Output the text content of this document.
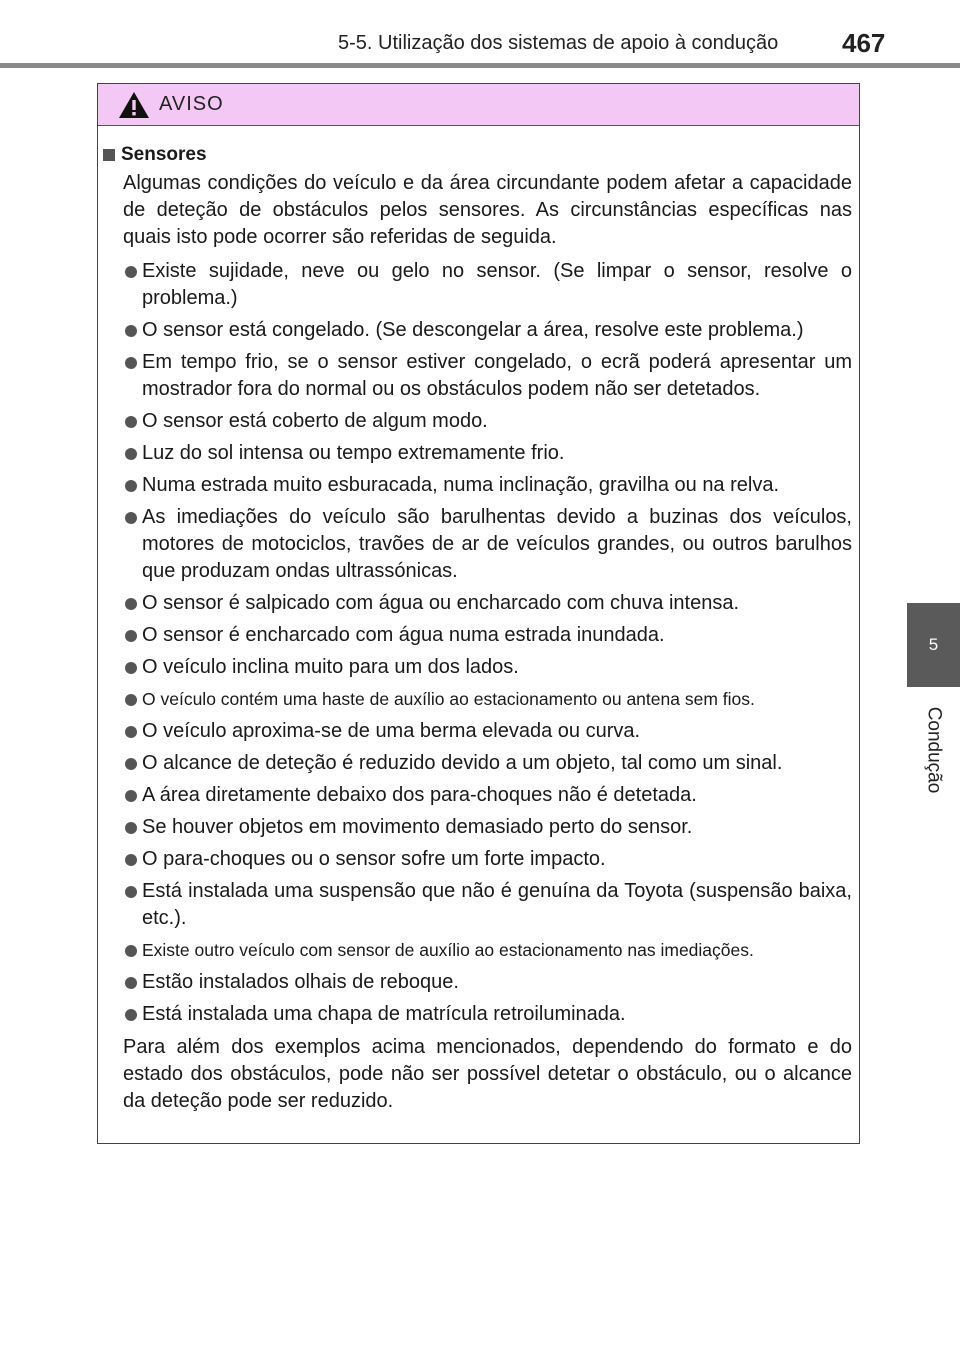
5-5. Utilização dos sistemas de apoio à condução 467
5
Condução
AVISO
Sensores

Algumas condições do veículo e da área circundante podem afetar a capacidade de deteção de obstáculos pelos sensores. As circunstâncias específicas nas quais isto pode ocorrer são referidas de seguida.

Existe sujidade, neve ou gelo no sensor. (Se limpar o sensor, resolve o problema.)
O sensor está congelado. (Se descongelar a área, resolve este problema.)
Em tempo frio, se o sensor estiver congelado, o ecrã poderá apresentar um mostrador fora do normal ou os obstáculos podem não ser detetados.
O sensor está coberto de algum modo.
Luz do sol intensa ou tempo extremamente frio.
Numa estrada muito esburacada, numa inclinação, gravilha ou na relva.
As imediações do veículo são barulhentas devido a buzinas dos veículos, motores de motociclos, travões de ar de veículos grandes, ou outros barulhos que produzam ondas ultrassónicas.
O sensor é salpicado com água ou encharcado com chuva intensa.
O sensor é encharcado com água numa estrada inundada.
O veículo inclina muito para um dos lados.
O veículo contém uma haste de auxílio ao estacionamento ou antena sem fios.
O veículo aproxima-se de uma berma elevada ou curva.
O alcance de deteção é reduzido devido a um objeto, tal como um sinal.
A área diretamente debaixo dos para-choques não é detetada.
Se houver objetos em movimento demasiado perto do sensor.
O para-choques ou o sensor sofre um forte impacto.
Está instalada uma suspensão que não é genuína da Toyota (suspensão baixa, etc.).
Existe outro veículo com sensor de auxílio ao estacionamento nas imediações.
Estão instalados olhais de reboque.
Está instalada uma chapa de matrícula retroiluminada.

Para além dos exemplos acima mencionados, dependendo do formato e do estado dos obstáculos, pode não ser possível detetar o obstáculo, ou o alcance da deteção pode ser reduzido.
